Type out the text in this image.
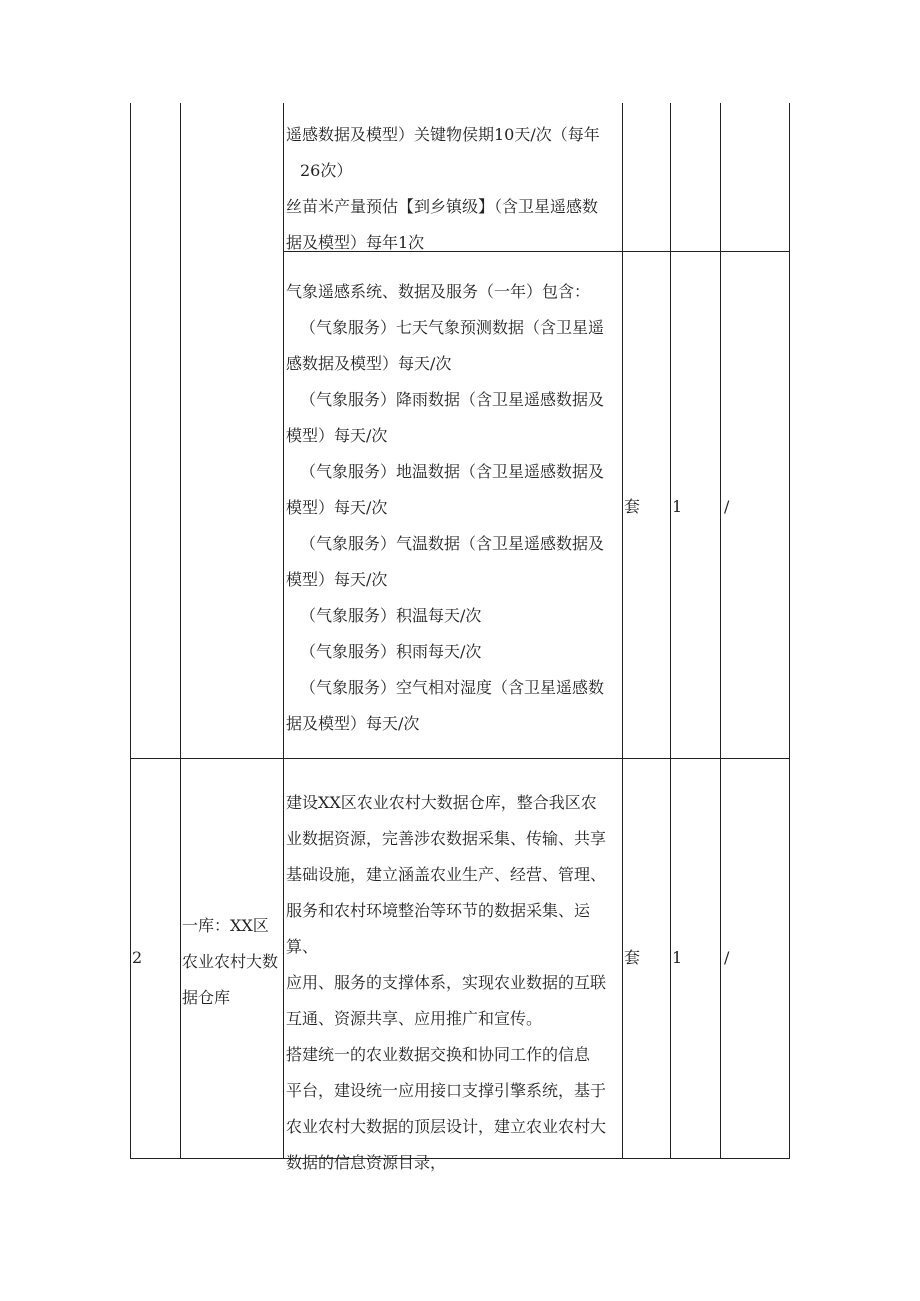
遥感数据及模型）关键物侯期10天/次（每年

26次）

丝苗米产量预估【到乡镇级】（含卫星遥感数

据及模型）每年1次

气象遥感系统、数据及服务（一年）包含：

（气象服务）七天气象预测数据（含卫星遥

感数据及模型）每天/次

（气象服务）降雨数据（含卫星遥感数据及

模型）每天/次

（气象服务）地温数据（含卫星遥感数据及

模型）每天/次

（气象服务）气温数据（含卫星遥感数据及

模型）每天/次

（气象服务）积温每天/次

（气象服务）积雨每天/次

（气象服务）空气相对湿度（含卫星遥感数

据及模型）每天/次

套 1	/
2
一库：XX区农业农村大数据仓库

建设XX区农业农村大数据仓库，整合我区农

业数据资源，完善涉农数据采集、传输、共享

基础设施，建立涵盖农业生产、经营、管理、

服务和农村环境整治等环节的数据采集、运算、

应用、服务的支撑体系，实现农业数据的互联

互通、资源共享、应用推广和宣传。

搭建统一的农业数据交换和协同工作的信息

平台，建设统一应用接口支撑引擎系统，基于

农业农村大数据的顶层设计，建立农业农村大

数据的信息资源目录，

套 1	/
